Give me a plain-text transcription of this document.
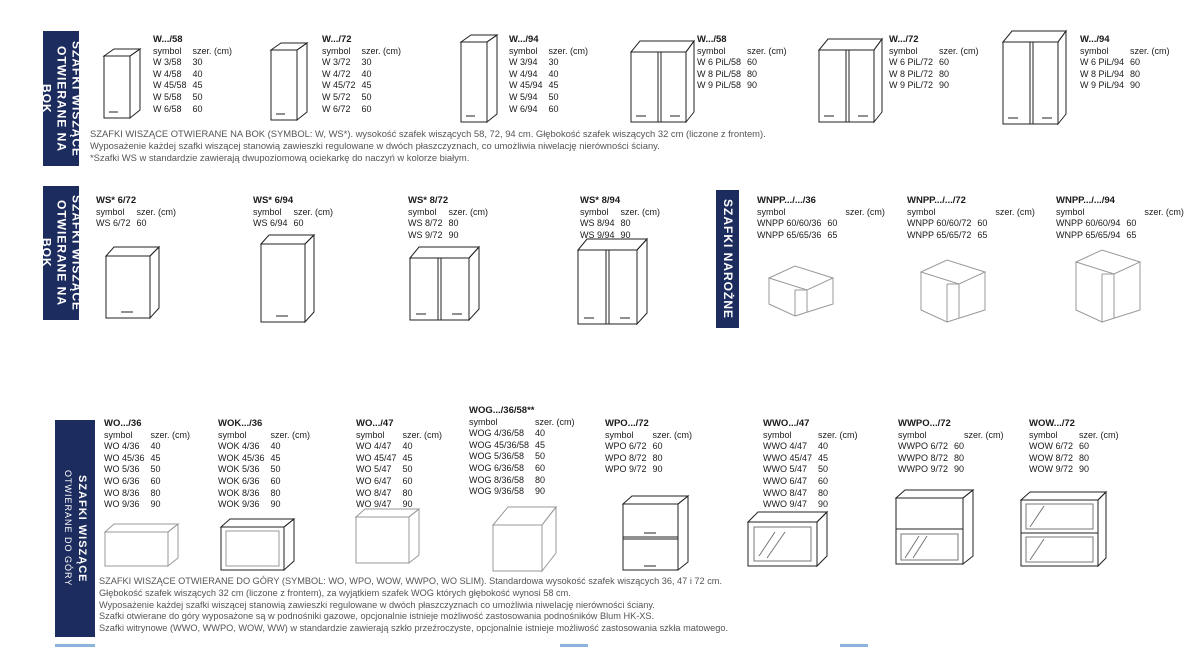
SZAFKI WISZĄCE OTWIERANE NA BOK
SZAFKI WISZĄCE OTWIERANE NA BOK	SZAFKI NAROŻNE
SZAFKI WISZĄCE
OTWIERANE DO GÓRY
W.../58
symbol	szer. (cm)
W 3/58	30
W 4/58	40
W 45/58	45
W 5/58	50
W 6/58	60
W.../72
symbol	szer. (cm)
W 3/72	30
W 4/72	40
W 45/72	45
W 5/72	50
W 6/72	60
W.../94
symbol	szer. (cm)
W 3/94	30
W 4/94	40
W 45/94	45
W 5/94	50
W 6/94	60
W.../58
symbol	szer. (cm)
W 6 PiL/58	60
W 8 PiL/58	80
W 9 PiL/58	90
W.../72
symbol	szer. (cm)
W 6 PiL/72	60
W 8 PiL/72	80
W 9 PiL/72	90
W.../94
symbol	szer. (cm)
W 6 PiL/94	60
W 8 PiL/94	80
W 9 PiL/94	90
SZAFKI WISZĄCE OTWIERANE NA BOK (SYMBOL: W, WS*). wysokość szafek wiszących 58, 72, 94 cm. Głębokość szafek wiszących 32 cm (liczone z frontem).
Wyposażenie każdej szafki wiszącej stanowią zawieszki regulowane w dwóch płaszczyznach, co umożliwia niwelację nierówności ściany.
*Szafki WS w standardzie zawierają dwupoziomową ociekarkę do naczyń w kolorze białym.
WS* 6/72
symbol	szer. (cm)
WS 6/72	60
WS* 6/94
symbol	szer. (cm)
WS 6/94	60
WS* 8/72
symbol	szer. (cm)
WS 8/72	80
WS 9/72	90
WS* 8/94
symbol	szer. (cm)
WS 8/94	80
WS 9/94	90
WNPP.../.../36
symbol	szer. (cm)
WNPP 60/60/36	60
WNPP 65/65/36	65
WNPP.../.../72
symbol	szer. (cm)
WNPP 60/60/72	60
WNPP 65/65/72	65
WNPP.../.../94
symbol	szer. (cm)
WNPP 60/60/94	60
WNPP 65/65/94	65
WO.../36
symbol	szer. (cm)
WO 4/36	40
WO 45/36	45
WO 5/36	50
WO 6/36	60
WO 8/36	80
WO 9/36	90
WOK.../36
symbol	szer. (cm)
WOK 4/36	40
WOK 45/36	45
WOK 5/36	50
WOK 6/36	60
WOK 8/36	80
WOK 9/36	90
WO.../47
symbol	szer. (cm)
WO 4/47	40
WO 45/47	45
WO 5/47	50
WO 6/47	60
WO 8/47	80
WO 9/47	90
WOG.../36/58**
symbol	szer. (cm)
WOG 4/36/58	40
WOG 45/36/58	45
WOG 5/36/58	50
WOG 6/36/58	60
WOG 8/36/58	80
WOG 9/36/58	90
WPO.../72
symbol	szer. (cm)
WPO 6/72	60
WPO 8/72	80
WPO 9/72	90
WWO.../47
symbol	szer. (cm)
WWO 4/47	40
WWO 45/47	45
WWO 5/47	50
WWO 6/47	60
WWO 8/47	80
WWO 9/47	90
WWPO.../72
symbol	szer. (cm)
WWPO 6/72	60
WWPO 8/72	80
WWPO 9/72	90
WOW.../72
symbol	szer. (cm)
WOW 6/72	60
WOW 8/72	80
WOW 9/72	90
SZAFKI WISZĄCE OTWIERANE DO GÓRY (SYMBOL: WO, WPO, WOW, WWPO, WO SLIM). Standardowa wysokość szafek wiszących 36, 47 i 72 cm.
Głębokość szafek wiszących 32 cm (liczone z frontem), za wyjątkiem szafek WOG których głębokość wynosi 58 cm.
Wyposażenie każdej szafki wiszącej stanowią zawieszki regulowane w dwóch płaszczyznach co umożliwia niwelację nierówności ściany.
Szafki otwierane do góry wyposażone są w podnośniki gazowe, opcjonalnie istnieje możliwość zastosowania podnośników Blum HK-XS.
Szafki witrynowe (WWO, WWPO, WOW, WW) w standardzie zawierają szkło przeźroczyste, opcjonalnie istnieje możliwość zastosowania szkła matowego.
